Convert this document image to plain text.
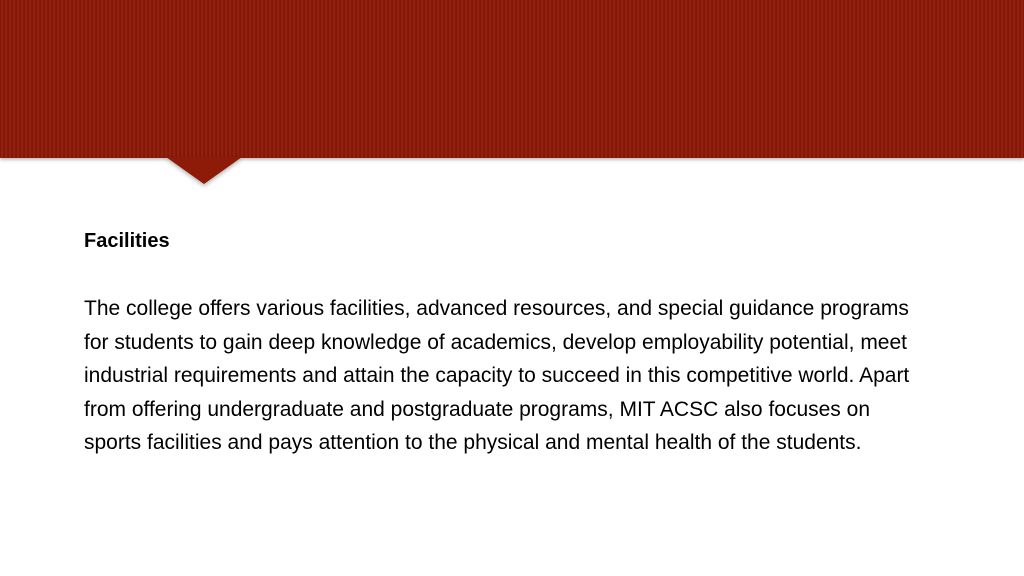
Facilities

The college offers various facilities, advanced resources, and special guidance programs for students to gain deep knowledge of academics, develop employability potential, meet industrial requirements and attain the capacity to succeed in this competitive world. Apart from offering undergraduate and postgraduate programs, MIT ACSC also focuses on sports facilities and pays attention to the physical and mental health of the students.
